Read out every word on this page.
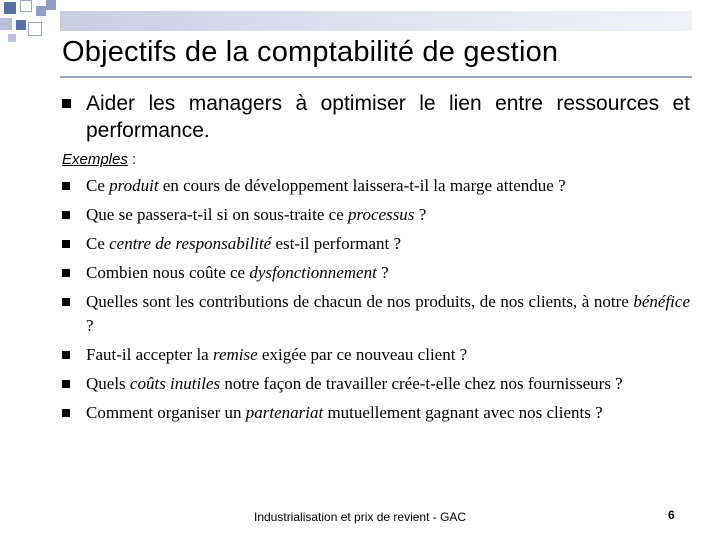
Objectifs de la comptabilité de gestion
Aider les managers à optimiser le lien entre ressources et performance.
Exemples :
Ce produit en cours de développement laissera-t-il la marge attendue ?
Que se passera-t-il si on sous-traite ce processus ?
Ce centre de responsabilité est-il performant ?
Combien nous coûte ce dysfonctionnement ?
Quelles sont les contributions de chacun de nos produits, de nos clients, à notre bénéfice ?
Faut-il accepter la remise exigée par ce nouveau client ?
Quels coûts inutiles notre façon de travailler crée-t-elle chez nos fournisseurs ?
Comment organiser un partenariat mutuellement gagnant avec nos clients ?
Industrialisation et prix de revient - GAC	6
